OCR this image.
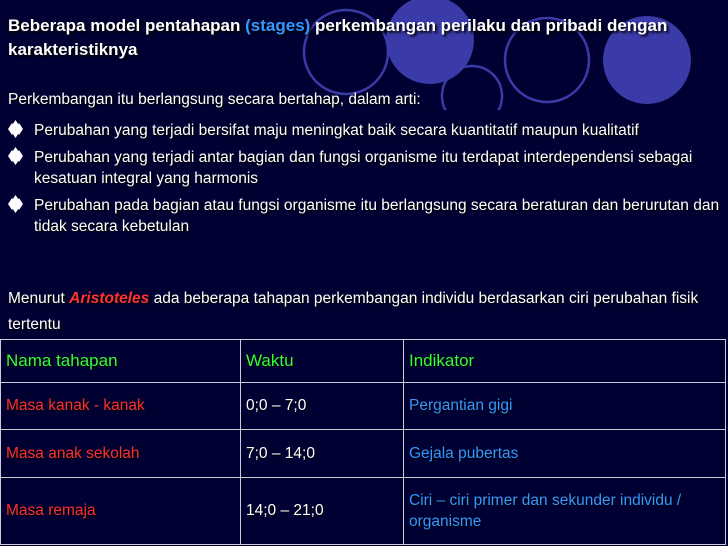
Beberapa model pentahapan (stages) perkembangan perilaku dan pribadi dengan karakteristiknya
Perkembangan itu berlangsung secara bertahap, dalam arti:
Perubahan yang terjadi bersifat maju meningkat baik secara kuantitatif maupun kualitatif
Perubahan yang terjadi antar bagian dan fungsi organisme itu terdapat interdependensi sebagai kesatuan integral yang harmonis
Perubahan pada bagian atau fungsi organisme itu berlangsung secara beraturan dan berurutan dan tidak secara kebetulan
Menurut Aristoteles ada beberapa tahapan perkembangan individu berdasarkan ciri perubahan fisik tertentu
Nama tahapan	Waktu	Indikator
Masa kanak - kanak	0;0 – 7;0	Pergantian gigi
Masa anak sekolah	7;0 – 14;0	Gejala pubertas
Masa remaja	14;0 – 21;0	Ciri – ciri primer dan sekunder individu / organisme
